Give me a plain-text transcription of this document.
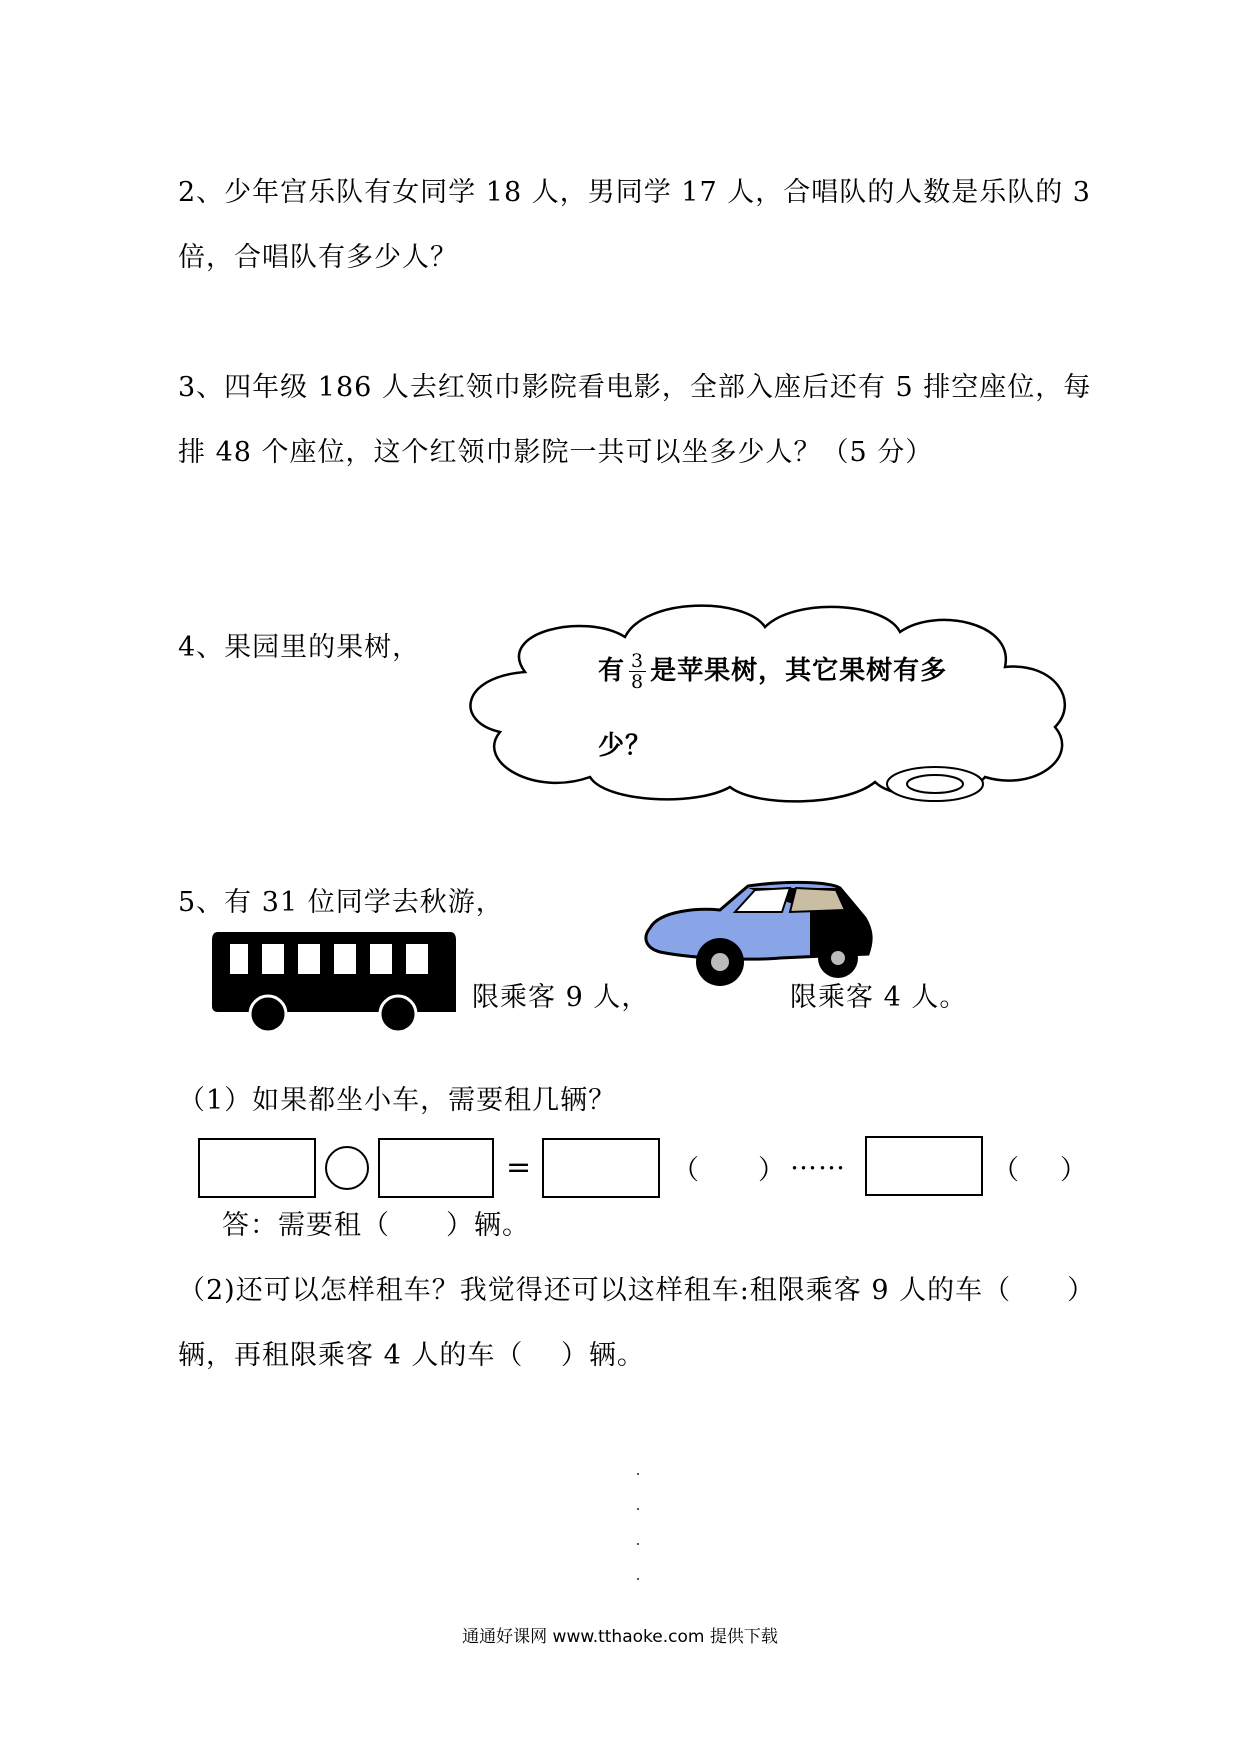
2、少年宫乐队有女同学 18 人，男同学 17 人，合唱队的人数是乐队的 3
倍，合唱队有多少人？
3、四年级 186 人去红领巾影院看电影，全部入座后还有 5 排空座位，每
排 48 个座位，这个红领巾影院一共可以坐多少人？（5 分）
4、果园里的果树，
有 $\frac{3}{8}$ 是苹果树，其它果树有多
少？
5、有 31 位同学去秋游，
限乘客 9 人，	限乘客 4 人。
（1）如果都坐小车，需要租几辆？
=	（ ） ……	（ ）
答：需要租（　　）辆。
（2)还可以怎样租车？我觉得还可以这样租车:租限乘客 9 人的车（　　）
辆，再租限乘客 4 人的车（　 ）辆。
通通好课网 www.tthaoke.com 提供下载
